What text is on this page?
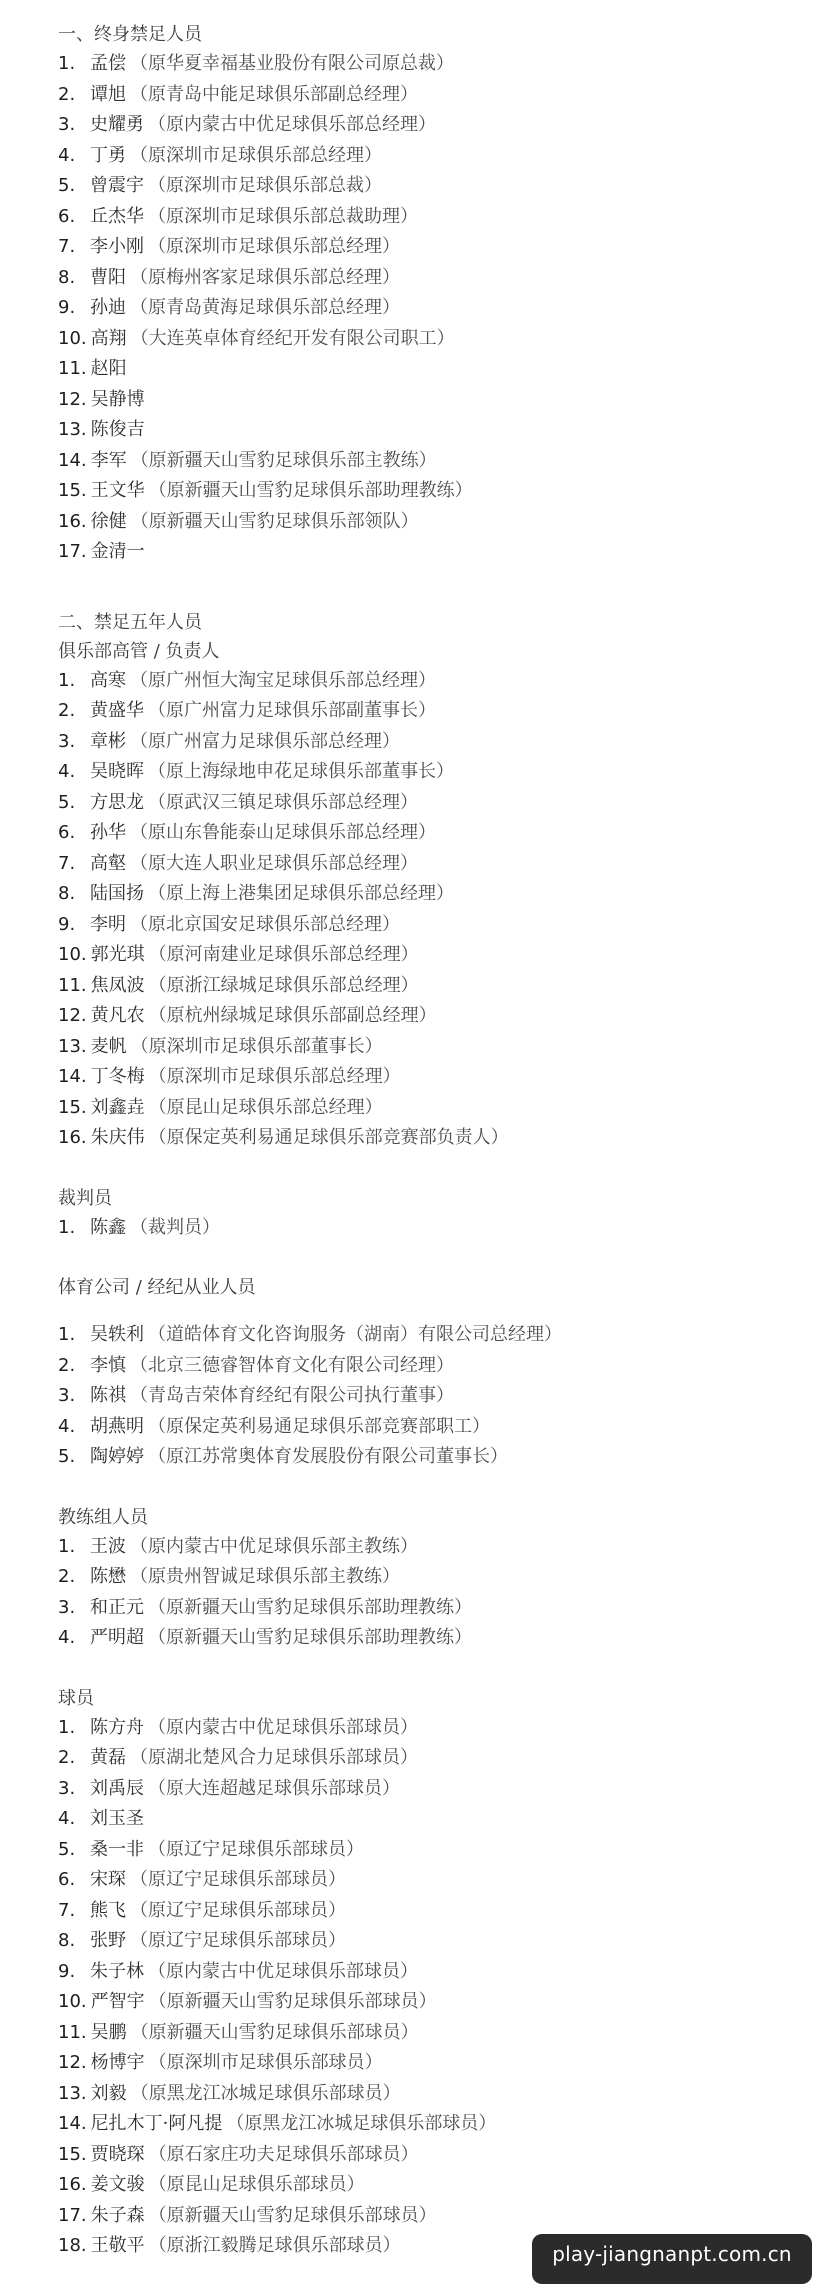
一、终身禁足人员
1. 孟偿 （原华夏幸福基业股份有限公司原总裁）
2. 谭旭 （原青岛中能足球俱乐部副总经理）
3. 史耀勇 （原内蒙古中优足球俱乐部总经理）
4. 丁勇 （原深圳市足球俱乐部总经理）
5. 曾震宇 （原深圳市足球俱乐部总裁）
6. 丘杰华 （原深圳市足球俱乐部总裁助理）
7. 李小刚 （原深圳市足球俱乐部总经理）
8. 曹阳 （原梅州客家足球俱乐部总经理）
9. 孙迪 （原青岛黄海足球俱乐部总经理）
10. 高翔 （大连英卓体育经纪开发有限公司职工）
11. 赵阳
12. 吴静博
13. 陈俊吉
14. 李军 （原新疆天山雪豹足球俱乐部主教练）
15. 王文华 （原新疆天山雪豹足球俱乐部助理教练）
16. 徐健 （原新疆天山雪豹足球俱乐部领队）
17. 金清一
二、禁足五年人员
俱乐部高管 / 负责人
1. 高寒 （原广州恒大淘宝足球俱乐部总经理）
2. 黄盛华 （原广州富力足球俱乐部副董事长）
3. 章彬 （原广州富力足球俱乐部总经理）
4. 吴晓晖 （原上海绿地申花足球俱乐部董事长）
5. 方思龙 （原武汉三镇足球俱乐部总经理）
6. 孙华 （原山东鲁能泰山足球俱乐部总经理）
7. 高壑 （原大连人职业足球俱乐部总经理）
8. 陆国扬 （原上海上港集团足球俱乐部总经理）
9. 李明 （原北京国安足球俱乐部总经理）
10. 郭光琪 （原河南建业足球俱乐部总经理）
11. 焦凤波 （原浙江绿城足球俱乐部总经理）
12. 黄凡农 （原杭州绿城足球俱乐部副总经理）
13. 麦帆 （原深圳市足球俱乐部董事长）
14. 丁冬梅 （原深圳市足球俱乐部总经理）
15. 刘鑫垚 （原昆山足球俱乐部总经理）
16. 朱庆伟 （原保定英利易通足球俱乐部竞赛部负责人）
裁判员
1. 陈鑫 （裁判员）
体育公司 / 经纪从业人员
1. 吴轶利 （道皓体育文化咨询服务（湖南）有限公司总经理）
2. 李慎 （北京三德睿智体育文化有限公司经理）
3. 陈祺 （青岛吉荣体育经纪有限公司执行董事）
4. 胡燕明 （原保定英利易通足球俱乐部竞赛部职工）
5. 陶婷婷 （原江苏常奥体育发展股份有限公司董事长）
教练组人员
1. 王波 （原内蒙古中优足球俱乐部主教练）
2. 陈懋 （原贵州智诚足球俱乐部主教练）
3. 和正元 （原新疆天山雪豹足球俱乐部助理教练）
4. 严明超 （原新疆天山雪豹足球俱乐部助理教练）
球员
1. 陈方舟 （原内蒙古中优足球俱乐部球员）
2. 黄磊 （原湖北楚风合力足球俱乐部球员）
3. 刘禹辰 （原大连超越足球俱乐部球员）
4. 刘玉圣
5. 桑一非 （原辽宁足球俱乐部球员）
6. 宋琛 （原辽宁足球俱乐部球员）
7. 熊飞 （原辽宁足球俱乐部球员）
8. 张野 （原辽宁足球俱乐部球员）
9. 朱子林 （原内蒙古中优足球俱乐部球员）
10. 严智宇 （原新疆天山雪豹足球俱乐部球员）
11. 吴鹏 （原新疆天山雪豹足球俱乐部球员）
12. 杨博宇 （原深圳市足球俱乐部球员）
13. 刘毅 （原黑龙江冰城足球俱乐部球员）
14. 尼扎木丁·阿凡提 （原黑龙江冰城足球俱乐部球员）
15. 贾晓琛 （原石家庄功夫足球俱乐部球员）
16. 姜文骏 （原昆山足球俱乐部球员）
17. 朱子森 （原新疆天山雪豹足球俱乐部球员）
18. 王敬平 （原浙江毅腾足球俱乐部球员）	play-jiangnanpt.com.cn
